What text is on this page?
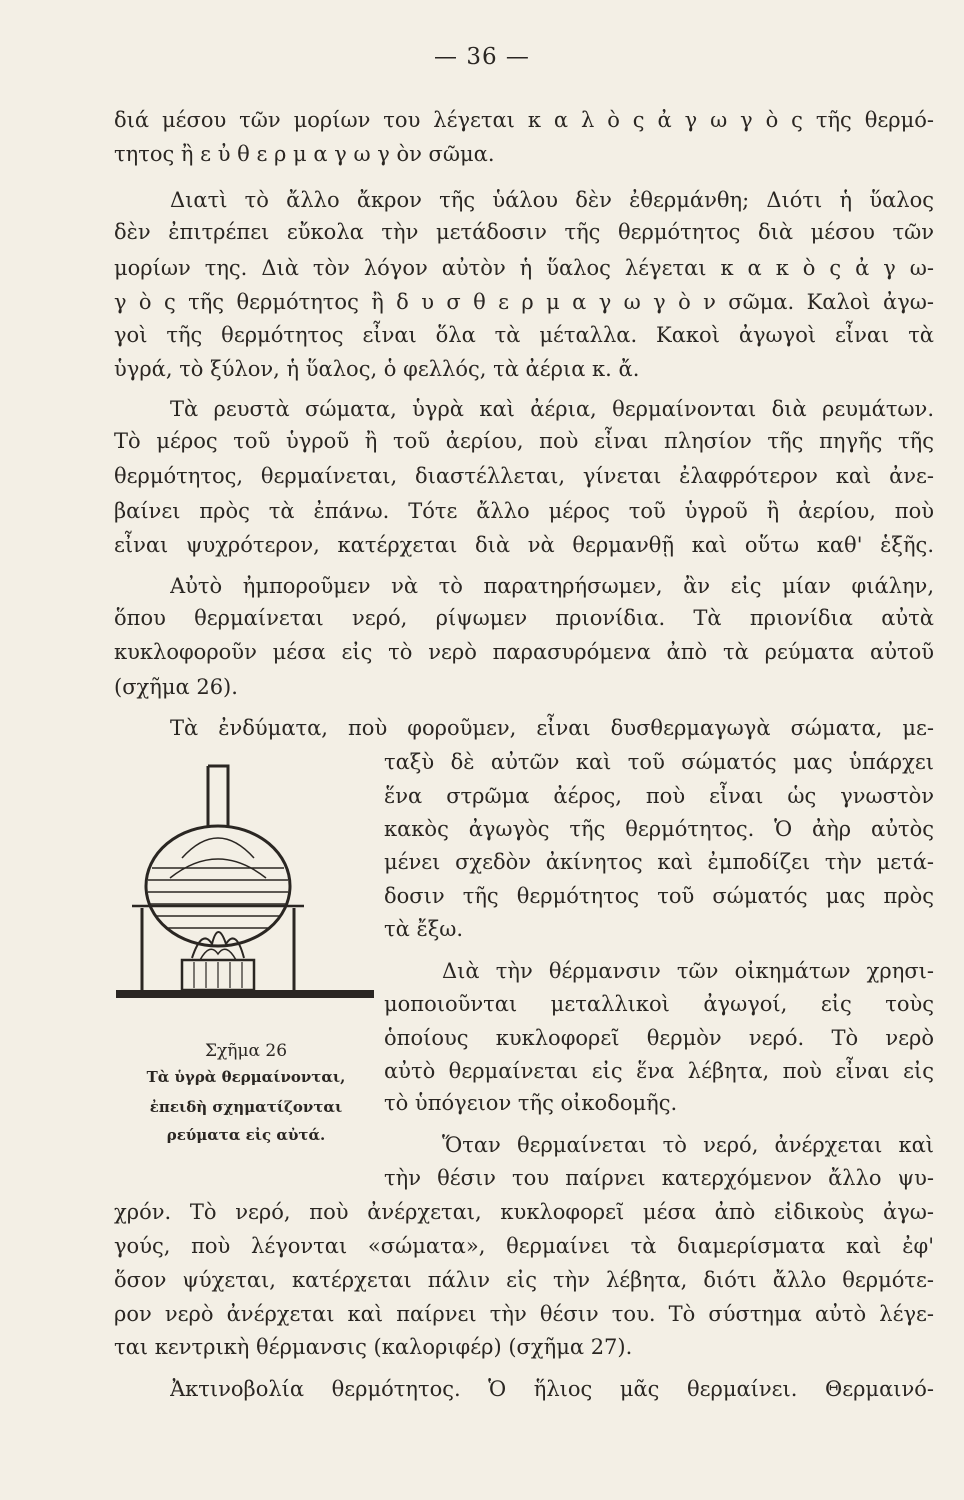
— 36 —
διά μέσου τῶν μορίων του λέγεται κ α λ ὸ ς ἀ γ ω γ ὸ ς τῆς θερμό-
τητος ἢ ε ὐ θ ε ρ μ α γ ω γ ὸν σῶμα.
Διατὶ τὸ ἄλλο ἄκρον τῆς ὑάλου δὲν ἐθερμάνθη; Διότι ἡ ὕαλος
δὲν ἐπιτρέπει εὔκολα τὴν μετάδοσιν τῆς θερμότητος διὰ μέσου τῶν
μορίων της. Διὰ τὸν λόγον αὐτὸν ἡ ὕαλος λέγεται κ α κ ὸ ς ἀ γ ω-
γ ὸ ς τῆς θερμότητος ἢ δ υ σ θ ε ρ μ α γ ω γ ὸ ν σῶμα. Καλοὶ ἀγω-
γοὶ τῆς θερμότητος εἶναι ὅλα τὰ μέταλλα. Κακοὶ ἀγωγοὶ εἶναι τὰ
ὑγρά, τὸ ξύλον, ἡ ὕαλος, ὁ φελλός, τὰ ἀέρια κ. ἄ.
Τὰ ρευστὰ σώματα, ὑγρὰ καὶ ἀέρια, θερμαίνονται διὰ ρευμάτων.
Τὸ μέρος τοῦ ὑγροῦ ἢ τοῦ ἀερίου, ποὺ εἶναι πλησίον τῆς πηγῆς τῆς
θερμότητος, θερμαίνεται, διαστέλλεται, γίνεται ἐλαφρότερον καὶ ἀνε-
βαίνει πρὸς τὰ ἐπάνω. Τότε ἄλλο μέρος τοῦ ὑγροῦ ἢ ἀερίου, ποὺ
εἶναι ψυχρότερον, κατέρχεται διὰ νὰ θερμανθῇ καὶ οὕτω καθ' ἑξῆς.
Αὐτὸ ἠμποροῦμεν νὰ τὸ παρατηρήσωμεν, ἂν εἰς μίαν φιάλην,
ὅπου θερμαίνεται νερό, ρίψωμεν πριονίδια. Τὰ πριονίδια αὐτὰ
κυκλοφοροῦν μέσα εἰς τὸ νερὸ παρασυρόμενα ἀπὸ τὰ ρεύματα αὐτοῦ
(σχῆμα 26).
Τὰ ἐνδύματα, ποὺ φοροῦμεν, εἶναι δυσθερμαγωγὰ σώματα, με-
Σχῆμα 26
Τὰ ὑγρὰ θερμαίνονται,
ἐπειδὴ σχηματίζονται
ρεύματα εἰς αὐτά.
ταξὺ δὲ αὐτῶν καὶ τοῦ σώματός μας ὑπάρχει
ἕνα στρῶμα ἀέρος, ποὺ εἶναι ὡς γνωστὸν
κακὸς ἀγωγὸς τῆς θερμότητος. Ὁ ἀὴρ αὐτὸς
μένει σχεδὸν ἀκίνητος καὶ ἐμποδίζει τὴν μετά-
δοσιν τῆς θερμότητος τοῦ σώματός μας πρὸς
τὰ ἔξω.
Διὰ τὴν θέρμανσιν τῶν οἰκημάτων χρησι-
μοποιοῦνται μεταλλικοὶ ἀγωγοί, εἰς τοὺς
ὁποίους κυκλοφορεῖ θερμὸν νερό. Τὸ νερὸ
αὐτὸ θερμαίνεται εἰς ἕνα λέβητα, ποὺ εἶναι εἰς
τὸ ὑπόγειον τῆς οἰκοδομῆς.
Ὅταν θερμαίνεται τὸ νερό, ἀνέρχεται καὶ
τὴν θέσιν του παίρνει κατερχόμενον ἄλλο ψυ-
χρόν. Τὸ νερό, ποὺ ἀνέρχεται, κυκλοφορεῖ μέσα ἀπὸ εἰδικοὺς ἀγω-
γούς, ποὺ λέγονται «σώματα», θερμαίνει τὰ διαμερίσματα καὶ ἐφ'
ὅσον ψύχεται, κατέρχεται πάλιν εἰς τὴν λέβητα, διότι ἄλλο θερμότε-
ρον νερὸ ἀνέρχεται καὶ παίρνει τὴν θέσιν του. Τὸ σύστημα αὐτὸ λέγε-
ται κεντρικὴ θέρμανσις (καλοριφέρ) (σχῆμα 27).
Ἀκτινοβολία θερμότητος. Ὁ ἥλιος μᾶς θερμαίνει. Θερμαινό-
